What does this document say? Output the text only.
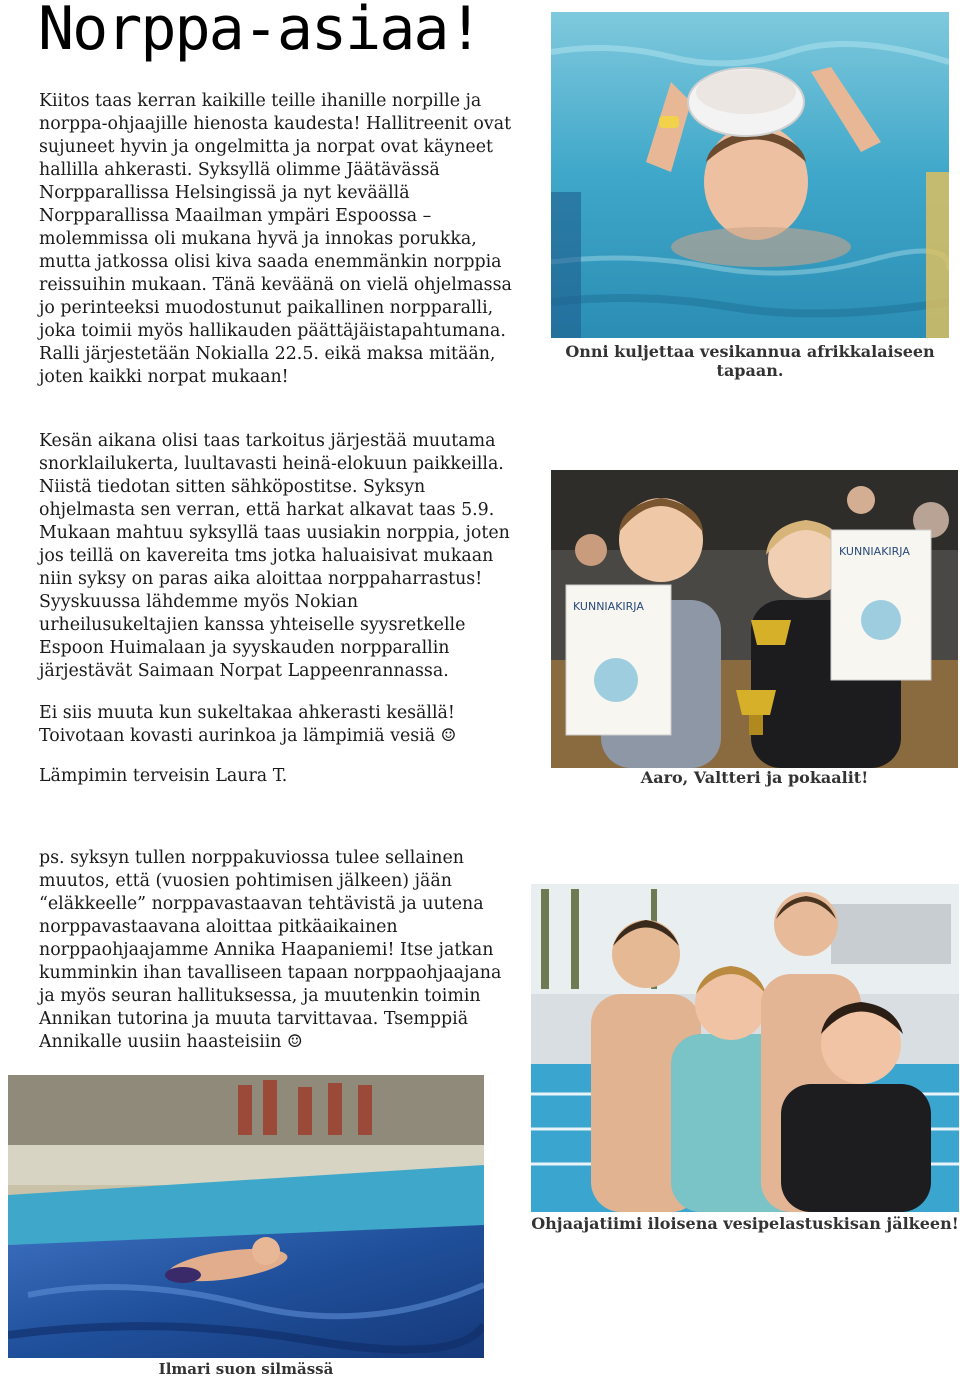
Norppa-asiaa!

Kiitos taas kerran kaikille teille ihanille norpille ja norppa-ohjaajille hienosta kaudesta! Hallitreenit ovat sujuneet hyvin ja ongelmitta ja norpat ovat käyneet hallilla ahkerasti. Syksyllä olimme Jäätävässä Norpparallissa Helsingissä ja nyt keväällä Norpparallissa Maailman ympäri Espoossa – molemmissa oli mukana hyvä ja innokas porukka, mutta jatkossa olisi kiva saada enemmänkin norppia reissuihin mukaan. Tänä keväänä on vielä ohjelmassa jo perinteeksi muodostunut paikallinen norpparalli, joka toimii myös hallikauden päättäjäistapahtumana. Ralli järjestetään Nokialla 22.5. eikä maksa mitään, joten kaikki norpat mukaan!

Kesän aikana olisi taas tarkoitus järjestää muutama snorklailukerta, luultavasti heinä-elokuun paikkeilla. Niistä tiedotan sitten sähköpostitse. Syksyn ohjelmasta sen verran, että harkat alkavat taas 5.9. Mukaan mahtuu syksyllä taas uusiakin norppia, joten jos teillä on kavereita tms jotka haluaisivat mukaan niin syksy on paras aika aloittaa norppaharrastus! Syyskuussa lähdemme myös Nokian urheilusukeltajien kanssa yhteiselle syysretkelle Espoon Huimalaan ja syyskauden norpparallin järjestävät Saimaan Norpat Lappeenrannassa.

Ei siis muuta kun sukeltakaa ahkerasti kesällä! Toivotaan kovasti aurinkoa ja lämpimiä vesiä ☺

Lämpimin terveisin Laura T.

ps. syksyn tullen norppakuviossa tulee sellainen muutos, että (vuosien pohtimisen jälkeen) jään “eläkkeelle” norppavastaavan tehtävistä ja uutena norppavastaavana aloittaa pitkäaikainen norppaohjaajamme Annika Haapaniemi! Itse jatkan kumminkin ihan tavalliseen tapaan norppaohjaajana ja myös seuran hallituksessa, ja muutenkin toimin Annikan tutorina ja muuta tarvittavaa. Tsemppiä Annikalle uusiin haasteisiin ☺

Onni kuljettaa vesikannua afrikkalaiseen tapaan.

KUNNIAKIRJA
KUNNIAKIRJA

Aaro, Valtteri ja pokaalit!

Ohjaajatiimi iloisena vesipelastuskisan jälkeen!

Ilmari suon silmässä
